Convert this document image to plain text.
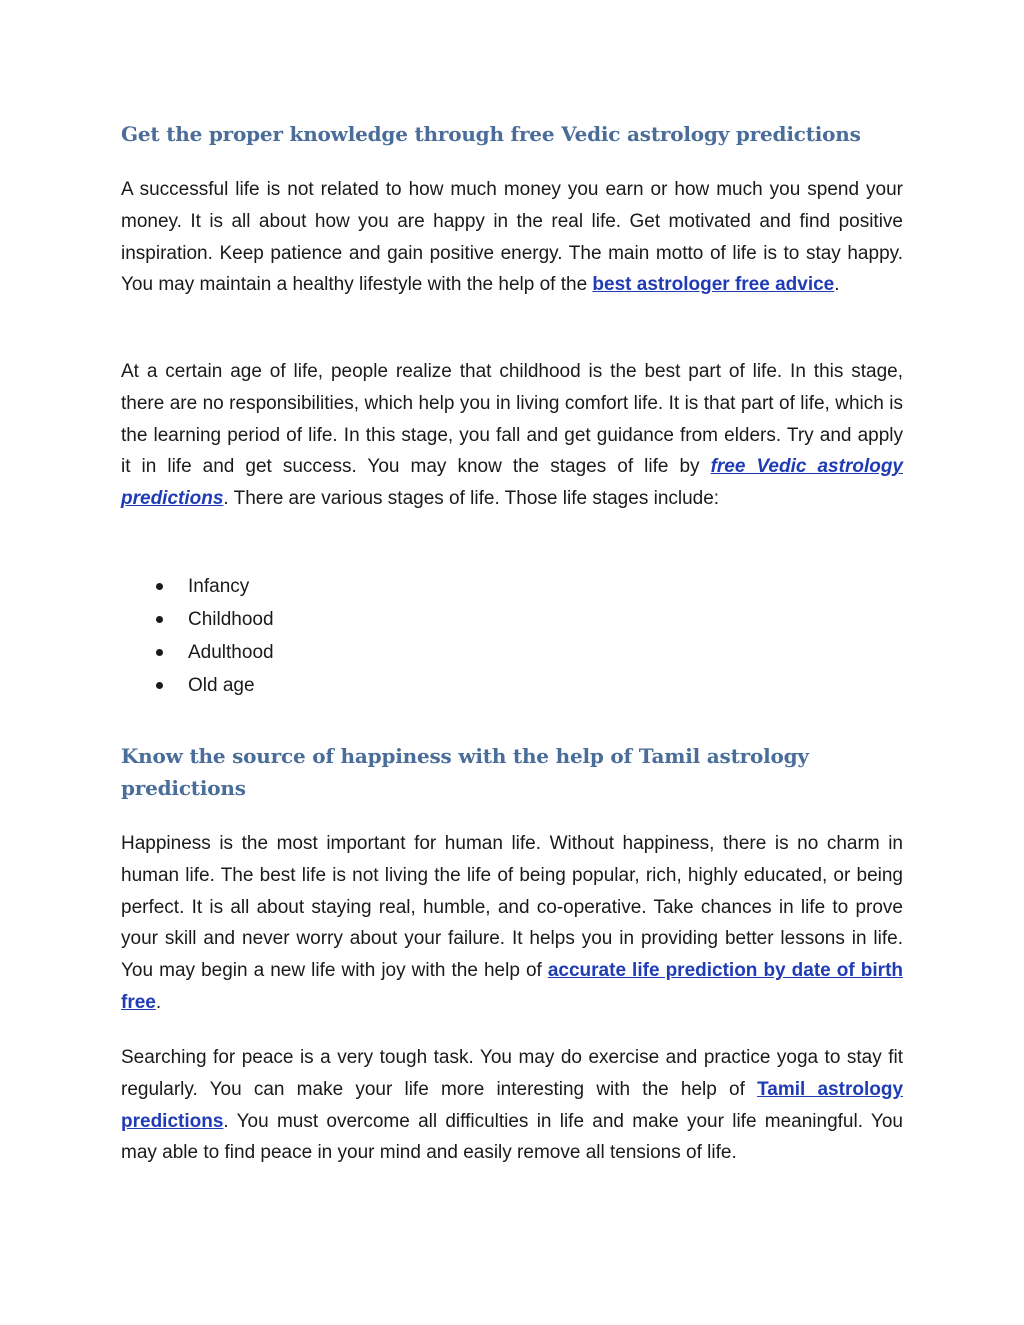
Get the proper knowledge through free Vedic astrology predictions

A successful life is not related to how much money you earn or how much you spend your money. It is all about how you are happy in the real life. Get motivated and find positive inspiration. Keep patience and gain positive energy. The main motto of life is to stay happy. You may maintain a healthy lifestyle with the help of the best astrologer free advice.

At a certain age of life, people realize that childhood is the best part of life. In this stage, there are no responsibilities, which help you in living comfort life. It is that part of life, which is the learning period of life. In this stage, you fall and get guidance from elders. Try and apply it in life and get success. You may know the stages of life by free Vedic astrology predictions. There are various stages of life. Those life stages include:

Infancy
Childhood
Adulthood
Old age
Know the source of happiness with the help of Tamil astrology predictions

Happiness is the most important for human life. Without happiness, there is no charm in human life. The best life is not living the life of being popular, rich, highly educated, or being perfect. It is all about staying real, humble, and co-operative. Take chances in life to prove your skill and never worry about your failure. It helps you in providing better lessons in life. You may begin a new life with joy with the help of accurate life prediction by date of birth free.

Searching for peace is a very tough task. You may do exercise and practice yoga to stay fit regularly. You can make your life more interesting with the help of Tamil astrology predictions. You must overcome all difficulties in life and make your life meaningful. You may able to find peace in your mind and easily remove all tensions of life.
